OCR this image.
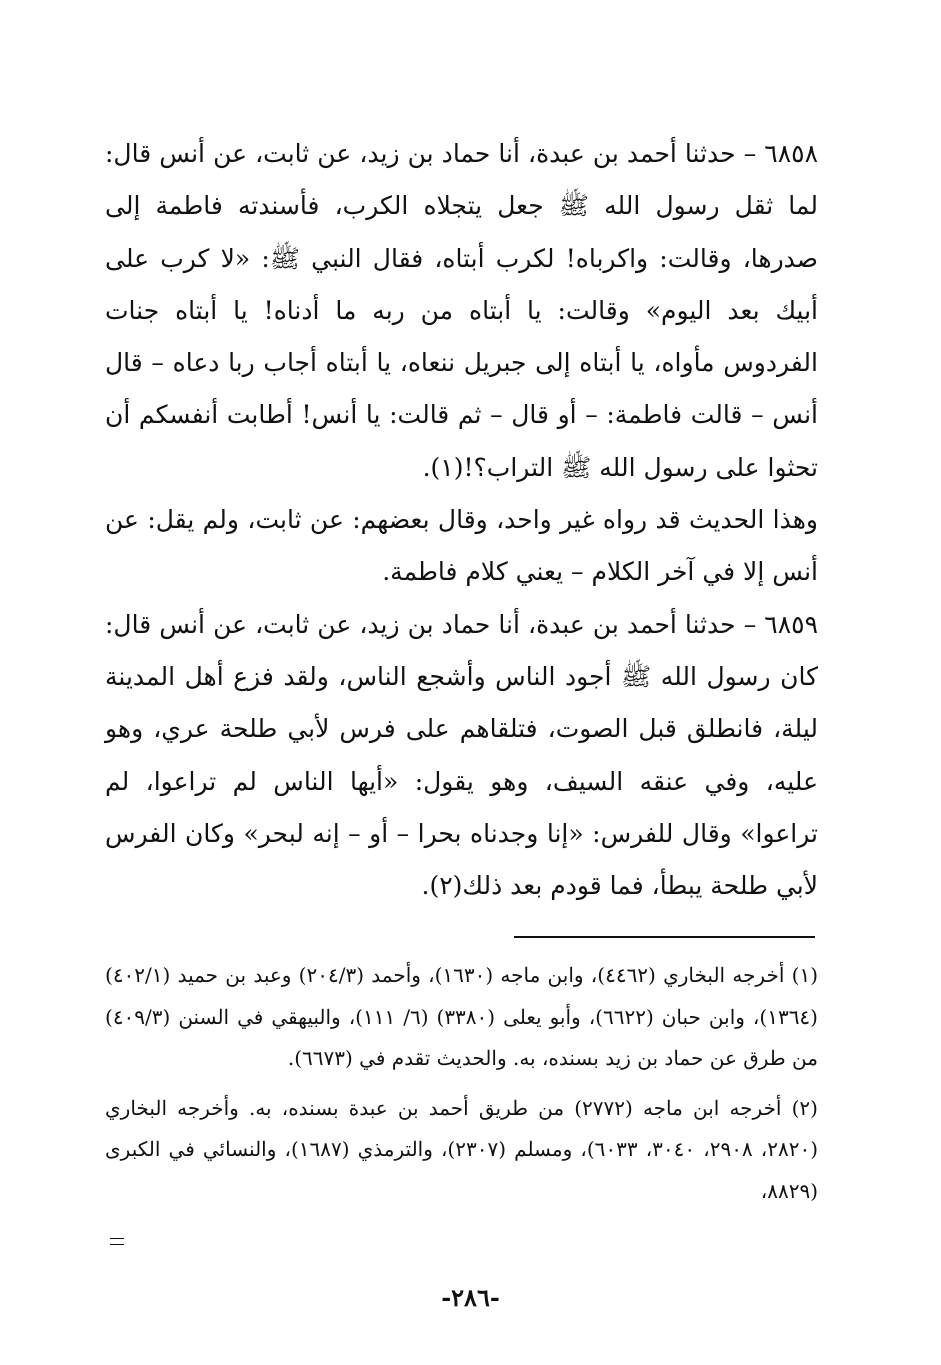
٦٨٥٨ – حدثنا أحمد بن عبدة، أنا حماد بن زيد، عن ثابت، عن أنس قال: لما ثقل رسول الله ﷺ جعل يتجلاه الكرب، فأسندته فاطمة إلى صدرها، وقالت: واكرباه! لكرب أبتاه، فقال النبي ﷺ: «لا كرب على أبيك بعد اليوم» وقالت: يا أبتاه من ربه ما أدناه! يا أبتاه جنات الفردوس مأواه، يا أبتاه إلى جبريل ننعاه، يا أبتاه أجاب ربا دعاه – قال أنس – قالت فاطمة: – أو قال – ثم قالت: يا أنس! أطابت أنفسكم أن تحثوا على رسول الله ﷺ التراب؟!(١).

وهذا الحديث قد رواه غير واحد، وقال بعضهم: عن ثابت، ولم يقل: عن أنس إلا في آخر الكلام – يعني كلام فاطمة.

٦٨٥٩ – حدثنا أحمد بن عبدة، أنا حماد بن زيد، عن ثابت، عن أنس قال: كان رسول الله ﷺ أجود الناس وأشجع الناس، ولقد فزع أهل المدينة ليلة، فانطلق قبل الصوت، فتلقاهم على فرس لأبي طلحة عري، وهو عليه، وفي عنقه السيف، وهو يقول: «أيها الناس لم تراعوا، لم تراعوا» وقال للفرس: «إنا وجدناه بحرا – أو – إنه لبحر» وكان الفرس لأبي طلحة يبطأ، فما قودم بعد ذلك(٢).

(١) أخرجه البخاري (٤٤٦٢)، وابن ماجه (١٦٣٠)، وأحمد (٢٠٤/٣) وعبد بن حميد (٤٠٢/١) (١٣٦٤)، وابن حبان (٦٦٢٢)، وأبو يعلى (٣٣٨٠) (٦/ ١١١)، والبيهقي في السنن (٤٠٩/٣) من طرق عن حماد بن زيد بسنده، به. والحديث تقدم في (٦٦٧٣).

(٢) أخرجه ابن ماجه (٢٧٧٢) من طريق أحمد بن عبدة بسنده، به. وأخرجه البخاري (٢٨٢٠، ٢٩٠٨، ٣٠٤٠، ٦٠٣٣)، ومسلم (٢٣٠٧)، والترمذي (١٦٨٧)، والنسائي في الكبرى (٨٨٢٩،

-٢٨٦-
